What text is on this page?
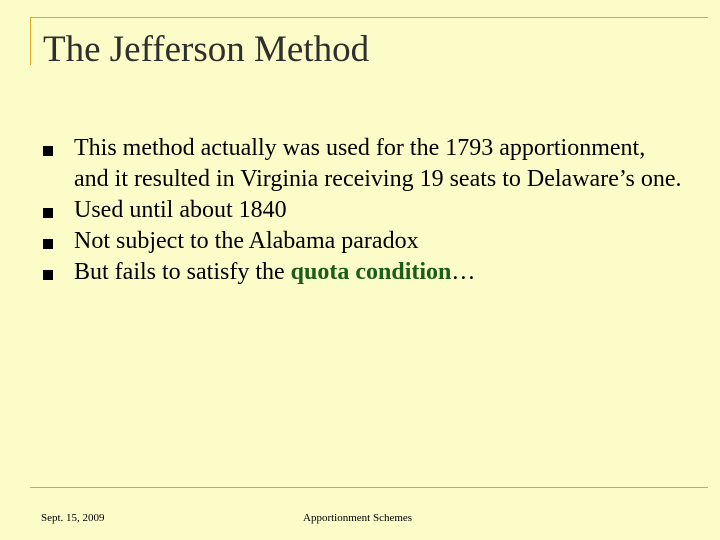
The Jefferson Method
This method actually was used for the 1793 apportionment, and it resulted in Virginia receiving 19 seats to Delaware’s one.
Used until about 1840
Not subject to the Alabama paradox
But fails to satisfy the quota condition…
Sept. 15, 2009	Apportionment Schemes
